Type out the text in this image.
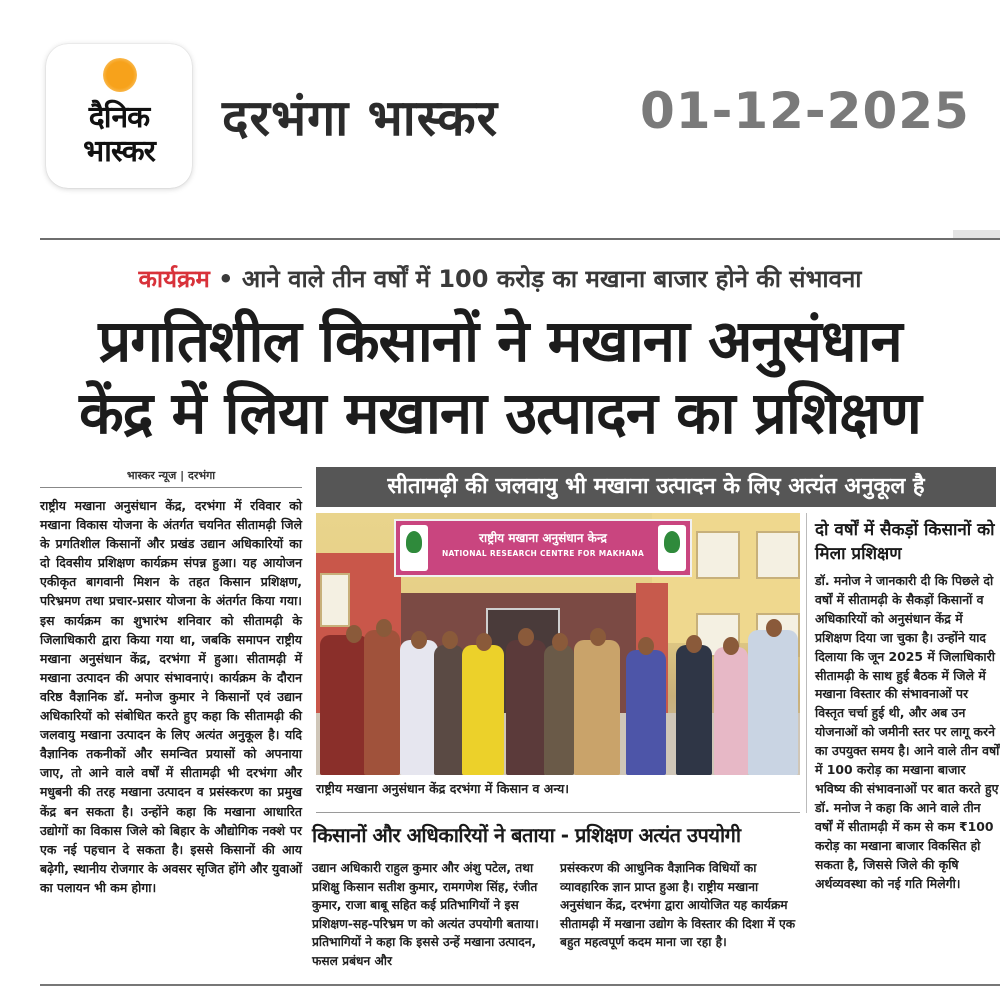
दैनिक
भास्कर
दरभंगा भास्कर	01-12-2025
कार्यक्रम • आने वाले तीन वर्षों में 100 करोड़ का मखाना बाजार होने की संभावना
प्रगतिशील किसानों ने मखाना अनुसंधान
केंद्र में लिया मखाना उत्पादन का प्रशिक्षण
भास्कर न्यूज | दरभंगा
राष्ट्रीय मखाना अनुसंधान केंद्र, दरभंगा में रविवार को मखाना विकास योजना के अंतर्गत चयनित सीतामढ़ी जिले के प्रगतिशील किसानों और प्रखंड उद्यान अधिकारियों का दो दिवसीय प्रशिक्षण कार्यक्रम संपन्न हुआ। यह आयोजन एकीकृत बागवानी मिशन के तहत किसान प्रशिक्षण, परिभ्रमण तथा प्रचार-प्रसार योजना के अंतर्गत किया गया। इस कार्यक्रम का शुभारंभ शनिवार को सीतामढ़ी के जिलाधिकारी द्वारा किया गया था, जबकि समापन राष्ट्रीय मखाना अनुसंधान केंद्र, दरभंगा में हुआ। सीतामढ़ी में मखाना उत्पादन की अपार संभावनाएं। कार्यक्रम के दौरान वरिष्ठ वैज्ञानिक डॉ. मनोज कुमार ने किसानों एवं उद्यान अधिकारियों को संबोधित करते हुए कहा कि सीतामढ़ी की जलवायु मखाना उत्पादन के लिए अत्यंत अनुकूल है। यदि वैज्ञानिक तकनीकों और समन्वित प्रयासों को अपनाया जाए, तो आने वाले वर्षों में सीतामढ़ी भी दरभंगा और मधुबनी की तरह मखाना उत्पादन व प्रसंस्करण का प्रमुख केंद्र बन सकता है। उन्होंने कहा कि मखाना आधारित उद्योगों का विकास जिले को बिहार के औद्योगिक नक्शे पर एक नई पहचान दे सकता है। इससे किसानों की आय बढ़ेगी, स्थानीय रोजगार के अवसर सृजित होंगे और युवाओं का पलायन भी कम होगा।
सीतामढ़ी की जलवायु भी मखाना उत्पादन के लिए अत्यंत अनुकूल है
राष्ट्रीय मखाना अनुसंधान केन्द्र
NATIONAL RESEARCH CENTRE FOR MAKHANA
राष्ट्रीय मखाना अनुसंधान केंद्र दरभंगा में किसान व अन्य।
किसानों और अधिकारियों ने बताया - प्रशिक्षण अत्यंत उपयोगी
उद्यान अधिकारी राहुल कुमार और अंशु पटेल, तथा प्रशिक्षु किसान सतीश कुमार, रामगणेश सिंह, रंजीत कुमार, राजा बाबू सहित कई प्रतिभागियों ने इस प्रशिक्षण-सह-परिभ्रम ण को अत्यंत उपयोगी बताया। प्रतिभागियों ने कहा कि इससे उन्हें मखाना उत्पादन, फसल प्रबंधन और
प्रसंस्करण की आधुनिक वैज्ञानिक विधियों का व्यावहारिक ज्ञान प्राप्त हुआ है। राष्ट्रीय मखाना अनुसंधान केंद्र, दरभंगा द्वारा आयोजित यह कार्यक्रम सीतामढ़ी में मखाना उद्योग के विस्तार की दिशा में एक बहुत महत्वपूर्ण कदम माना जा रहा है।
दो वर्षों में सैकड़ों किसानों को मिला प्रशिक्षण
डॉ. मनोज ने जानकारी दी कि पिछले दो वर्षों में सीतामढ़ी के सैकड़ों किसानों व अधिकारियों को अनुसंधान केंद्र में प्रशिक्षण दिया जा चुका है। उन्होंने याद दिलाया कि जून 2025 में जिलाधिकारी सीतामढ़ी के साथ हुई बैठक में जिले में मखाना विस्तार की संभावनाओं पर विस्तृत चर्चा हुई थी, और अब उन योजनाओं को जमीनी स्तर पर लागू करने का उपयुक्त समय है। आने वाले तीन वर्षों में 100 करोड़ का मखाना बाजार भविष्य की संभावनाओं पर बात करते हुए डॉ. मनोज ने कहा कि आने वाले तीन वर्षों में सीतामढ़ी में कम से कम ₹100 करोड़ का मखाना बाजार विकसित हो सकता है, जिससे जिले की कृषि अर्थव्यवस्था को नई गति मिलेगी।
